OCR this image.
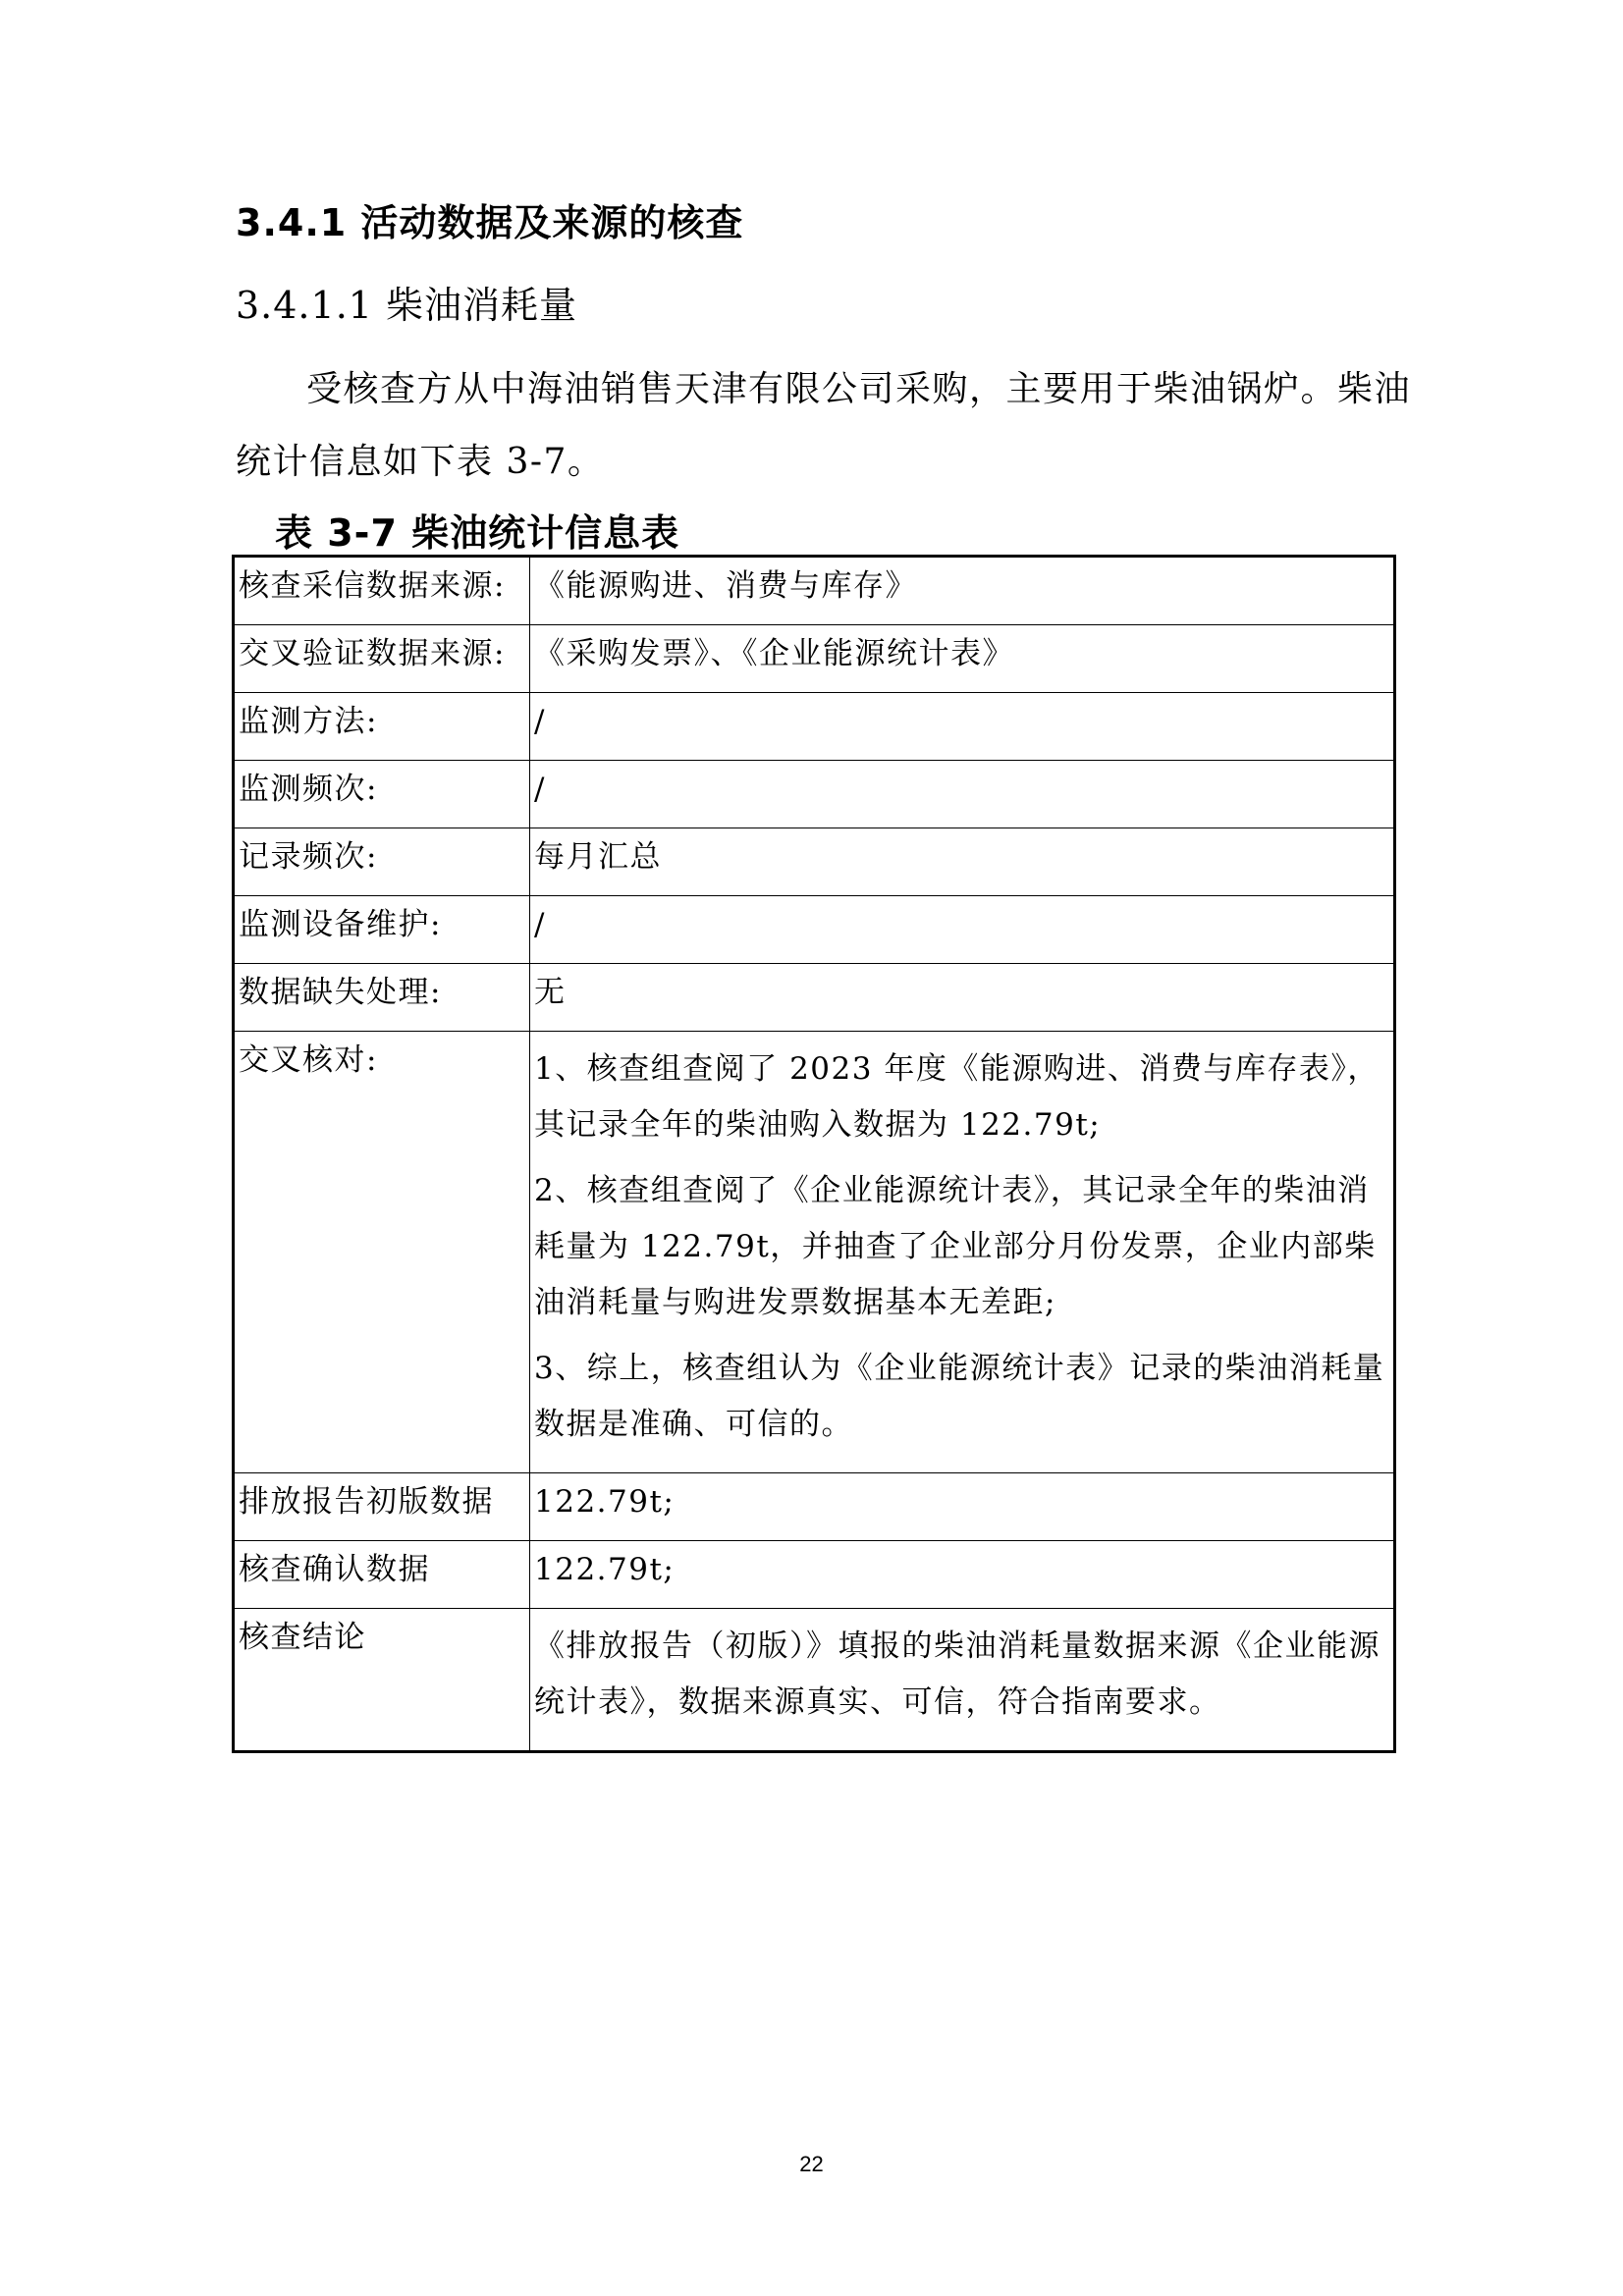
3.4.1 活动数据及来源的核查
3.4.1.1 柴油消耗量
受核查方从中海油销售天津有限公司采购，主要用于柴油锅炉。柴油统计信息如下表 3-7。
表 3-7 柴油统计信息表
核查采信数据来源:	《能源购进、消费与库存》
交叉验证数据来源:	《采购发票》、《企业能源统计表》
监测方法:	/
监测频次:	/
记录频次:	每月汇总
监测设备维护:	/
数据缺失处理:	无
交叉核对:	1、核查组查阅了 2023 年度《能源购进、消费与库存表》，其记录全年的柴油购入数据为 122.79t;

2、核查组查阅了《企业能源统计表》，其记录全年的柴油消耗量为 122.79t，并抽查了企业部分月份发票，企业内部柴油消耗量与购进发票数据基本无差距;

3、综上，核查组认为《企业能源统计表》记录的柴油消耗量数据是准确、可信的。

排放报告初版数据	122.79t;
核查确认数据	122.79t;
核查结论	《排放报告（初版）》填报的柴油消耗量数据来源《企业能源统计表》，数据来源真实、可信，符合指南要求。

22
